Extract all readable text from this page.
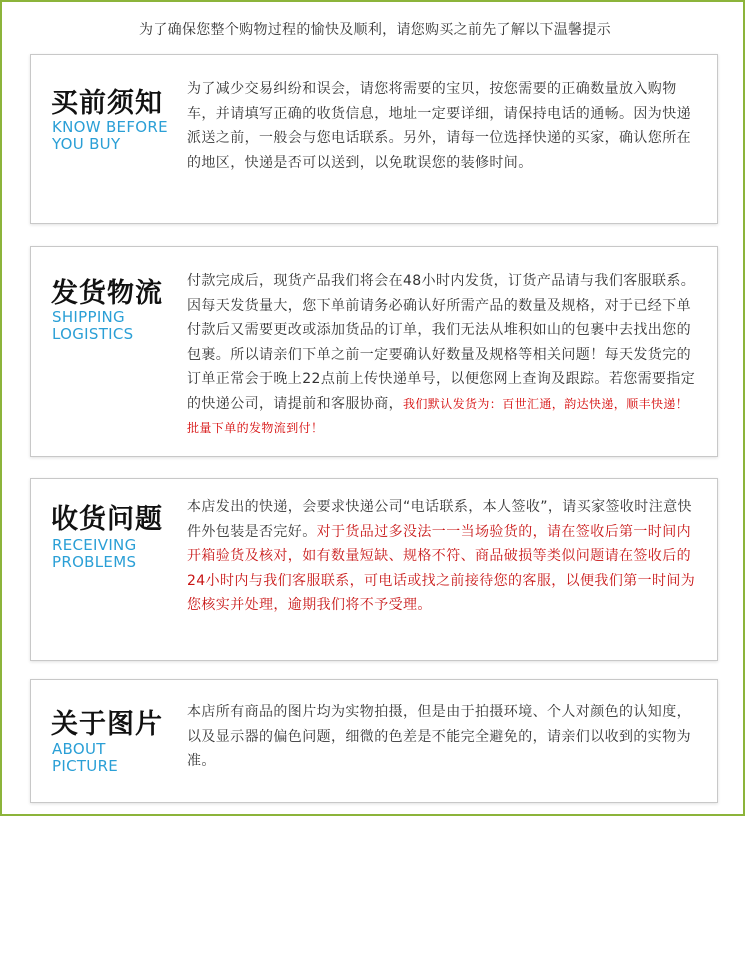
为了确保您整个购物过程的愉快及顺利，请您购买之前先了解以下温馨提示
买前须知
KNOW BEFORE
YOU BUY
为了减少交易纠纷和误会，请您将需要的宝贝，按您需要的正确数量放入购物车，并请填写正确的收货信息，地址一定要详细，请保持电话的通畅。因为快递派送之前，一般会与您电话联系。另外，请每一位选择快递的买家，确认您所在的地区，快递是否可以送到，以免耽误您的装修时间。
发货物流
SHIPPING
LOGISTICS
付款完成后，现货产品我们将会在48小时内发货，订货产品请与我们客服联系。因每天发货量大，您下单前请务必确认好所需产品的数量及规格，对于已经下单付款后又需要更改或添加货品的订单，我们无法从堆积如山的包裹中去找出您的包裹。所以请亲们下单之前一定要确认好数量及规格等相关问题！每天发货完的订单正常会于晚上22点前上传快递单号，以便您网上查询及跟踪。若您需要指定的快递公司，请提前和客服协商，我们默认发货为：百世汇通，韵达快递，顺丰快递！批量下单的发物流到付！
收货问题
RECEIVING
PROBLEMS
本店发出的快递，会要求快递公司“电话联系，本人签收”，请买家签收时注意快件外包装是否完好。对于货品过多没法一一当场验货的，请在签收后第一时间内开箱验货及核对，如有数量短缺、规格不符、商品破损等类似问题请在签收后的24小时内与我们客服联系，可电话或找之前接待您的客服，以便我们第一时间为您核实并处理，逾期我们将不予受理。
关于图片
ABOUT
PICTURE
本店所有商品的图片均为实物拍摄，但是由于拍摄环境、个人对颜色的认知度，以及显示器的偏色问题，细微的色差是不能完全避免的，请亲们以收到的实物为准。
